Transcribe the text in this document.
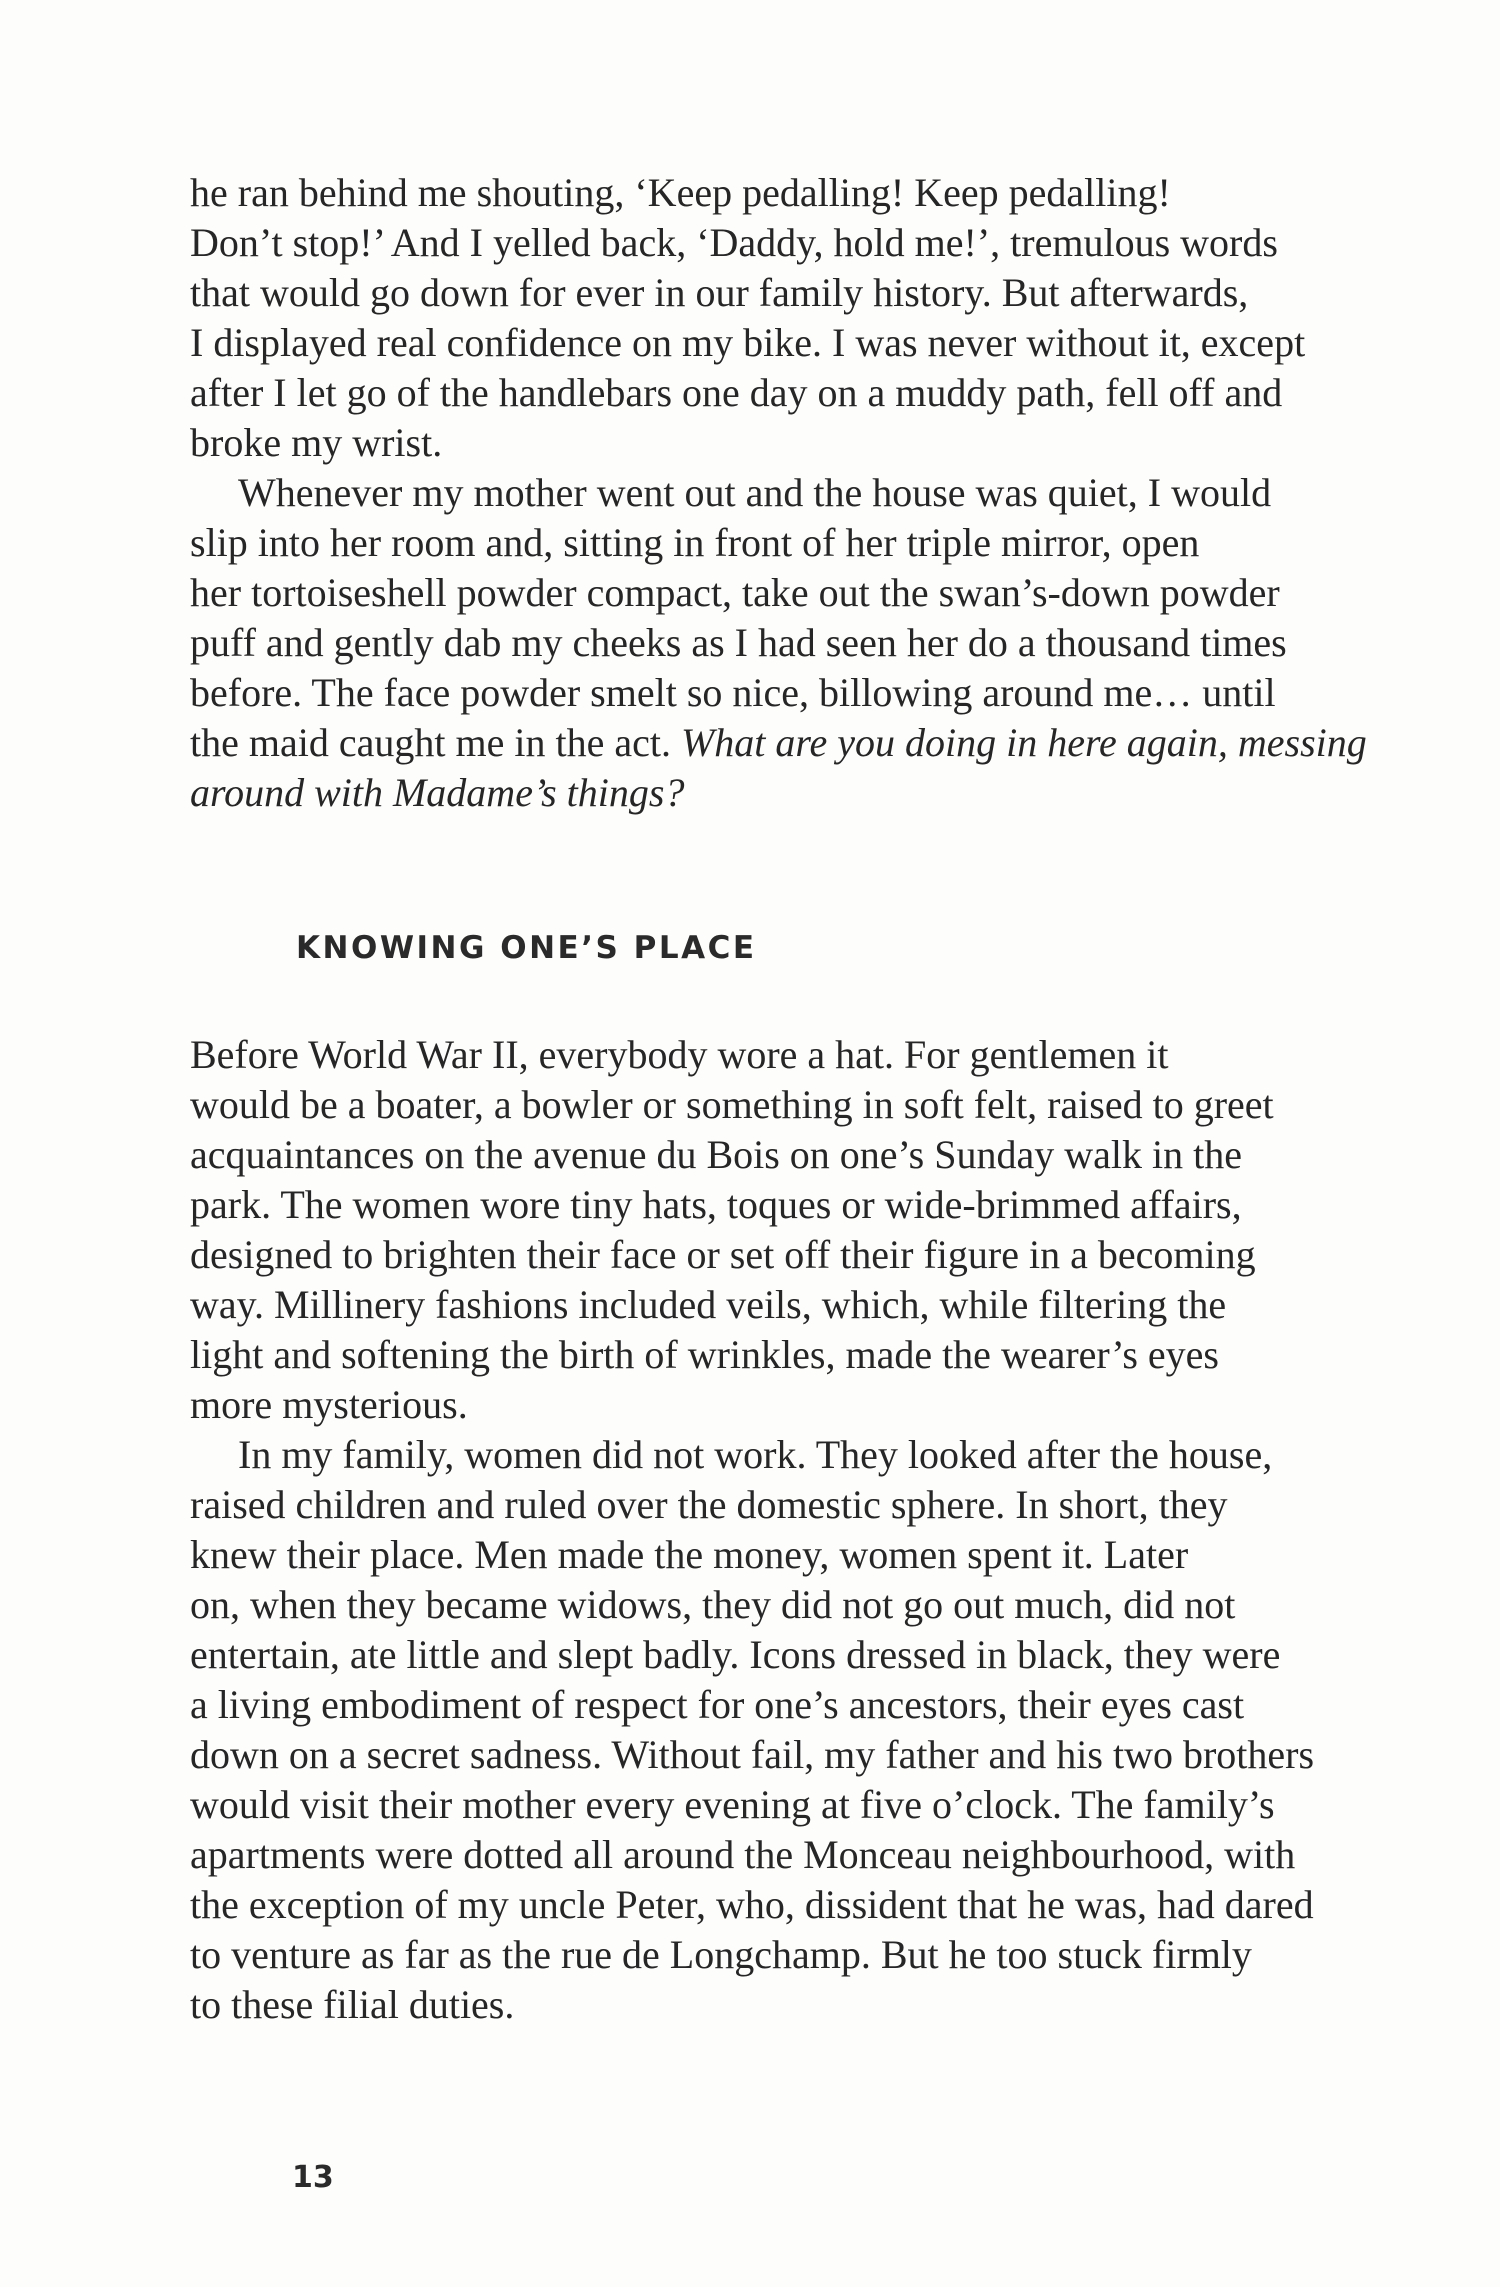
he ran behind me shouting, ‘Keep pedalling! Keep pedalling!
Don’t stop!’ And I yelled back, ‘Daddy, hold me!’, tremulous words
that would go down for ever in our family history. But afterwards,
I displayed real confidence on my bike. I was never without it, except
after I let go of the handlebars one day on a muddy path, fell off and
broke my wrist.
Whenever my mother went out and the house was quiet, I would
slip into her room and, sitting in front of her triple mirror, open
her tortoiseshell powder compact, take out the swan’s-down powder
puff and gently dab my cheeks as I had seen her do a thousand times
before. The face powder smelt so nice, billowing around me… until
the maid caught me in the act. What are you doing in here again, messing
around with Madame’s things?
KNOWING ONE’S PLACE
Before World War II, everybody wore a hat. For gentlemen it
would be a boater, a bowler or something in soft felt, raised to greet
acquaintances on the avenue du Bois on one’s Sunday walk in the
park. The women wore tiny hats, toques or wide-brimmed affairs,
designed to brighten their face or set off their figure in a becoming
way. Millinery fashions included veils, which, while filtering the
light and softening the birth of wrinkles, made the wearer’s eyes
more mysterious.
In my family, women did not work. They looked after the house,
raised children and ruled over the domestic sphere. In short, they
knew their place. Men made the money, women spent it. Later
on, when they became widows, they did not go out much, did not
entertain, ate little and slept badly. Icons dressed in black, they were
a living embodiment of respect for one’s ancestors, their eyes cast
down on a secret sadness. Without fail, my father and his two brothers
would visit their mother every evening at five o’clock. The family’s
apartments were dotted all around the Monceau neighbourhood, with
the exception of my uncle Peter, who, dissident that he was, had dared
to venture as far as the rue de Longchamp. But he too stuck firmly
to these filial duties.
13
